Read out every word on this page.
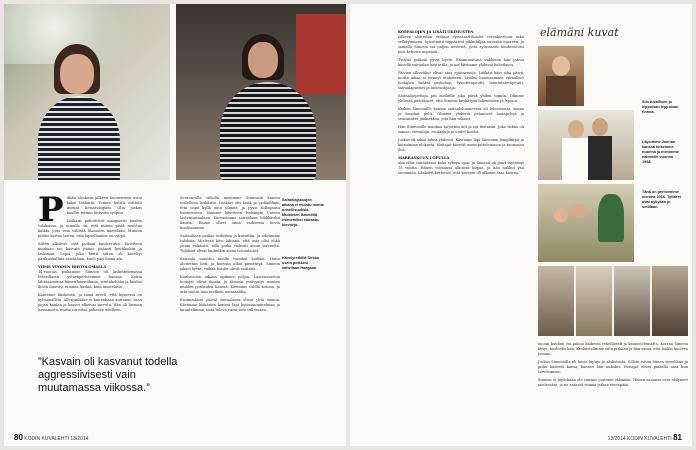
Sairaalajaksojen aikana ei muistu monia onnellisuuksia. Muistelen lämmöllä esimerkiksi sairaala-klovneja.
Kävelyretkillä Sirkku usein poikkesi kahvilaan Haagaan.
P itkän uloskoon jälkeen huoneeseen astui kaksi lääkäriä. Toinen heistä esittelit itsensä hematologiksi. Olin joskus kuullut termin liittyvän syöpiin.

Lääkärit pahoittivat maagisesti kuulen tuloksissa, ja minulla on, että minun pitää muistaa kaikki, joita vein välittää lilanneen mietelään. Minuun pitäisi kertoa lasten, että lapsellamme on syöpä.

Sitten alkoivat, että poikani kuoleeriitin. Kuvitteen muikaan iso kasvain painoi pahasti keuhkoihin ja laskimoa. Lapsi, joka heitä sitten oli käveltyt parikuukallina sairaalaan, kuoli pari lunaa ala.

VIIME VUODEN HIHTOLOMALLA

14-vuotias poikamme Simeon oli laskettelemassa Messillassä ystäväperheemme kanssa. Koitin lähtöaamunsa hänen kasvoihinsa, ritotakehään ja kaulan ihoon ilmestyi tummia läiskiä, kuin mustelmia.

Käntenne läiskeistä, ja tämä arveli, että kyseessä on kylmänalleia. Allergialääke ei kuitenkaan auttanut, vaan pojan kaulan ja kasvot alkoivat turvota. Hän oli hieman kovinnostu, mutta turvotus pahenee edelleen.

”Kasvain oli kasvanut todella aggressiivisesti vain muutamassa viikossa.”

Seuraavalla viikolla menimme Simeonin kanssa uudelleen lääkäriin. Lääkäri otti tästä ja sydänfilmit, että onpa kyllä outo tilanne, ja pyysi kollegansa huoneeseen. Saimme lähetteen Helsingin Uuteen lastensairaalaan. Kurvasimme sairaalaan Mäkkäriltä kautta. Emme olleet siinä vaiheessa kovin huolissamme.

Sairaalassa poikaa tutkittiin ja kuvattiin, ja odotimme tuloksia. Mielessä kävi lähinnä, että asia olisi ehkä jotain vähäistä, sillä poika vaikutti aivan terveeltä. Tulokset olivat kuitenkin aivan toisenlaiset.

Sairaala muuttui meille toiseksi kodiksi. Hoito aloitettiin heti, ja kasvain alkoi pienentyä. Simeon jaksoi hyvin, vaikka hoidot olivat raskaita.

Kuukausien aikana opimme paljon. Lastenosaston hoitajat olivat ihania, ja Simeon ystävystyi monien muiden potilaiden kanssa. Kävimme välillä kotona, ja arki tuntui taas melkein normaalilta.

Ensimmäiset päivät sairaalassa olivat yhtä sumua. Kävimme lääkärien kanssa läpi hoitosuunnitelmaa ja kuuntelimme, mitä tuleva vuosi toisi tullessaan.

80 KODIN KUVALEHTI 13/2014
KOEPALOJEN JA LISÄTUTKIMUSTEN

jälkeen aloitettiin raskaat sytostaattihoidot verenkiertoon sekä selkäytimeen. Sytostaatit täppärivat pikkuhiljaa nauraan nuoreen, ja samalla Simeon sai paljon nestettä, jotta sytostaatti huuhtoutuisi pois kehosta nopeasti.

Tyttöni poikani pysyi hyvin. Ensimmäisinä viikkoina hän jaksoi kävellä sairaalan käytävillä, ja me kävimme yhdessä kahvilassa.

Päivien alkuviikot olivat aina epävarmoja. Lääkäri kävi joka päivä, mutta aikaa ei tiennyt etukäteen. Lisäksi huomasimme viiraalleet hoitajien lisäksi psykologi, fysioterapeutti, toimintaterapeutti, sairaalapastori ja lastenohjaaja.

Sairaalaopettaja piti meikelle joka päivä yhden tunnin. Olimme yhdessä päättäneet, että Simeon keskittyisi lukemiseen ja lepoon.

Kaiken Simeonille kanssa sairaalahuoneessa oli televisiosta, sauna ja hauskat pelit. Olimme yhdessä pelanneet lautapelejä ja seuranneet jääkiekkoa, jota hän rakasti.

Hän Simeonille muukaa tarjottiin äiti ja isä tiistaisin. Joka viikko oli samaa: vierailuja, ruokailuja ja uudet hoidot.

Joskus oli aikaa lukea yhdessä. Kävimme läpi Simeonin lempikirjat ja katsoimme elokuvia. Hoitajat kävivät usein juttelemassa ja tuomassa iloa.

MARRASKUUN LOPULLA

olin ollut sairaalassa koko syksyn ajan, ja Simeon oli juuri täyttänyt 15 vuotta. Hänen voimansa alkoivat hiipua, ja hän nukkui yhä enemmän. Lääkärit kertoivat, että kasvain oli alkanut taas kasvaa.

elämäni kuvat
Siin tuvallisen ja leppoisan leppoisan Ennoa.
Läysimme Joonan kanssa toisemme nuorina ja menimme naimisiin vuonna 1998.
Tänä on perheemme vuonna 2016. Tyttäret ovat nykyään jo omillaan.

monin kuulien voi puhua kaikesta rehellisesti ja kaunistelematta. Kerran Simeon kysyi, kuoleeko hän. Keskustelimme siitä pitkään ja hän sanoi, että kaikki kuoleva jossain.

Joskus Simeonilla oli kovia kipuja ja ahdistusta. Silloin istuin hänen vierellään ja pidin kädestä kiinni, kunnes hän nukahti. Hoitajat olivat paikalla aina kun tarvitsimme.

Simeon ei myöskään ole sairaus joutunut elämään. Hänen sanansa ovat säilyneet mielessäni, ja ne antavat voimia jatkaa eteenpäin.

13/2014 KODIN KUVALEHTI 81
